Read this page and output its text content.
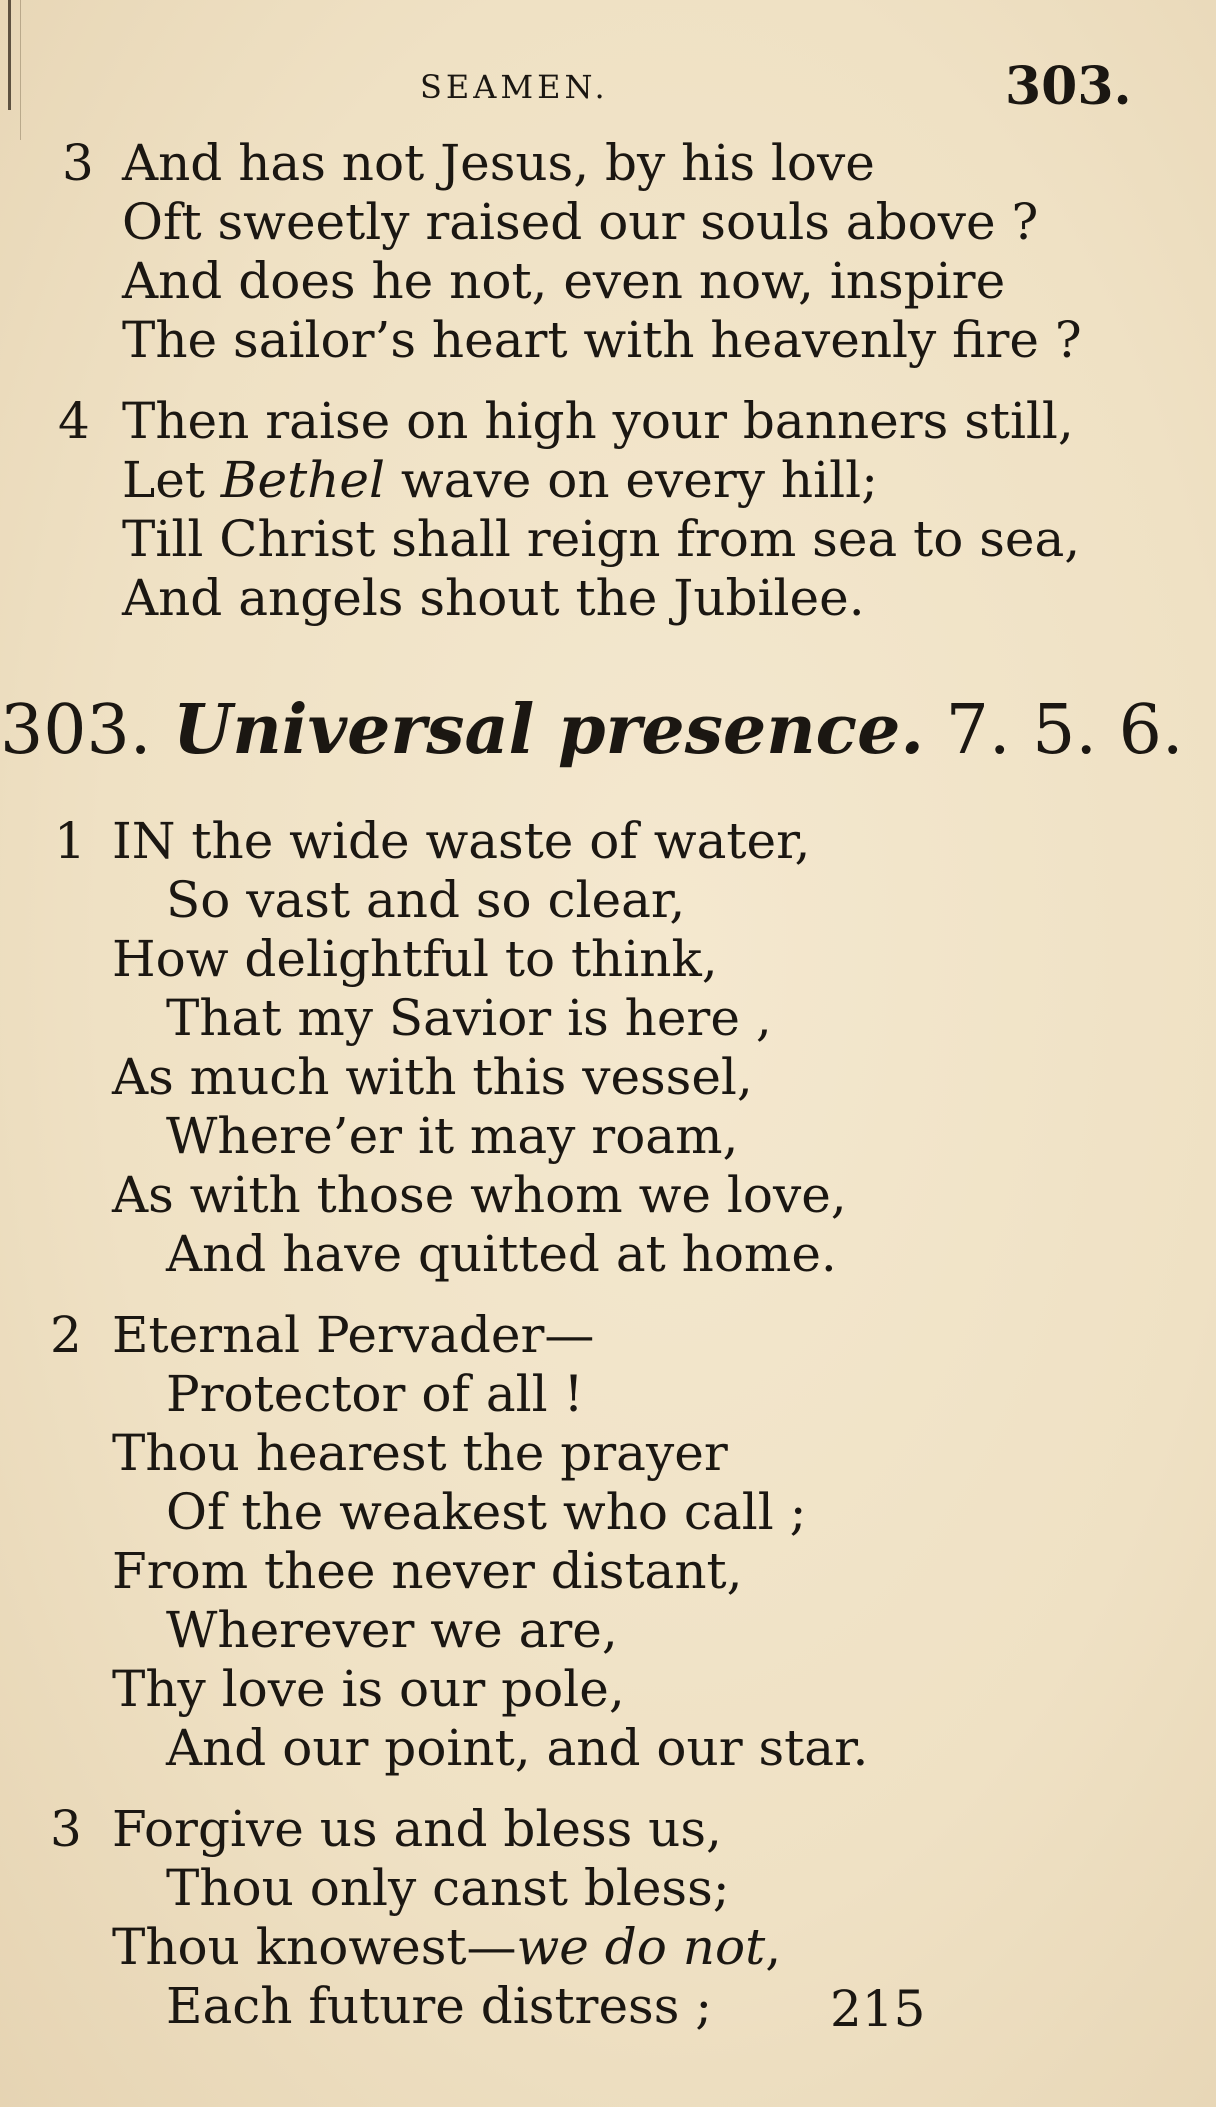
SEAMEN.	303.
3 And has not Jesus, by his love
Oft sweetly raised our souls above ?
And does he not, even now, inspire
The sailor’s heart with heavenly fire ?
4 Then raise on high your banners still,
Let Bethel wave on every hill;
Till Christ shall reign from sea to sea,
And angels shout the Jubilee.
303. Universal presence. 7. 5. 6.
1 IN the wide waste of water,
So vast and so clear,
How delightful to think,
That my Savior is here ,
As much with this vessel,
Where’er it may roam,
As with those whom we love,
And have quitted at home.
2 Eternal Pervader—
Protector of all !
Thou hearest the prayer
Of the weakest who call ;
From thee never distant,
Wherever we are,
Thy love is our pole,
And our point, and our star.
3 Forgive us and bless us,
Thou only canst bless;
Thou knowest—we do not,
Each future distress ; 215
